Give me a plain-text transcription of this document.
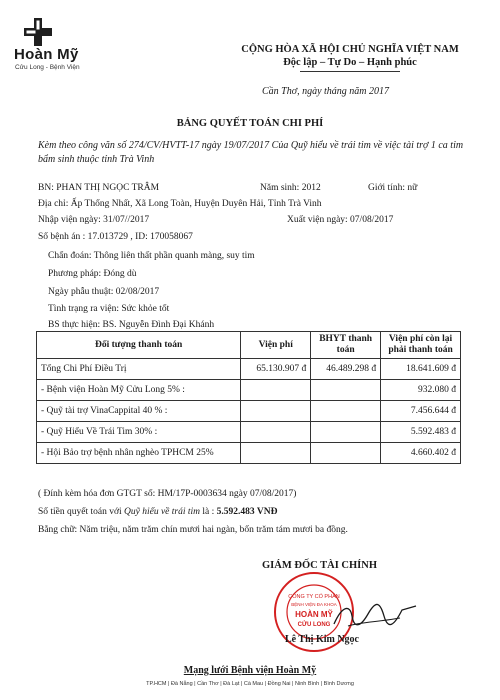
Hoàn Mỹ
Cửu Long - Bệnh Viện
CỘNG HÒA XÃ HỘI CHỦ NGHĨA VIỆT NAM
Độc lập – Tự Do – Hạnh phúc
Cần Thơ, ngày tháng năm 2017
BẢNG QUYẾT TOÁN CHI PHÍ
Kèm theo công văn số 274/CV/HVTT-17 ngày 19/07/2017 Của Quỹ hiểu về trái tim về việc tài trợ 1 ca tim bẩm sinh thuộc tỉnh Trà Vinh
BN: PHAN THỊ NGỌC TRÂM	Năm sinh: 2012	Giới tính: nữ
Địa chỉ: Ấp Thống Nhất, Xã Long Toàn, Huyện Duyên Hải, Tỉnh Trà Vinh
Nhập viện ngày: 31/07//2017	Xuất viện ngày: 07/08/2017
Số bệnh án : 17.013729 , ID: 170058067
Chẩn đoán: Thông liên thất phần quanh màng, suy tim
Phương pháp: Đóng dù
Ngày phẫu thuật: 02/08/2017
Tình trạng ra viện: Sức khỏe tốt
BS thực hiện: BS. Nguyễn Đình Đại Khánh
Đối tượng thanh toán	Viện phí	BHYT thanh toán	Viện phí còn lại phải thanh toán
Tổng Chi Phí Điều Trị	65.130.907 đ	46.489.298 đ	18.641.609 đ
- Bệnh viện Hoàn Mỹ Cửu Long 5% :			932.080 đ
- Quỹ tài trợ VinaCappital 40 % :			7.456.644 đ
- Quỹ Hiểu Về Trái Tim 30% :			5.592.483 đ
- Hội Bảo trợ bệnh nhân nghèo TPHCM 25%			4.660.402 đ
( Đính kèm hóa đơn GTGT số: HM/17P-0003634 ngày 07/08/2017)
Số tiền quyết toán với Quỹ hiểu về trái tim là : 5.592.483 VNĐ
Bằng chữ: Năm triệu, năm trăm chín mươi hai ngàn, bốn trăm tám mươi ba đồng.
GIÁM ĐỐC TÀI CHÍNH
CÔNG TY CỔ PHẦN
BỆNH VIỆN ĐA KHOA
HOÀN MỸ
CỬU LONG
Lê Thị Kim Ngọc
Mạng lưới Bệnh viện Hoàn Mỹ
TP.HCM | Đà Nẵng | Cần Thơ | Đà Lạt | Cà Mau | Đồng Nai | Ninh Bình | Bình Dương
